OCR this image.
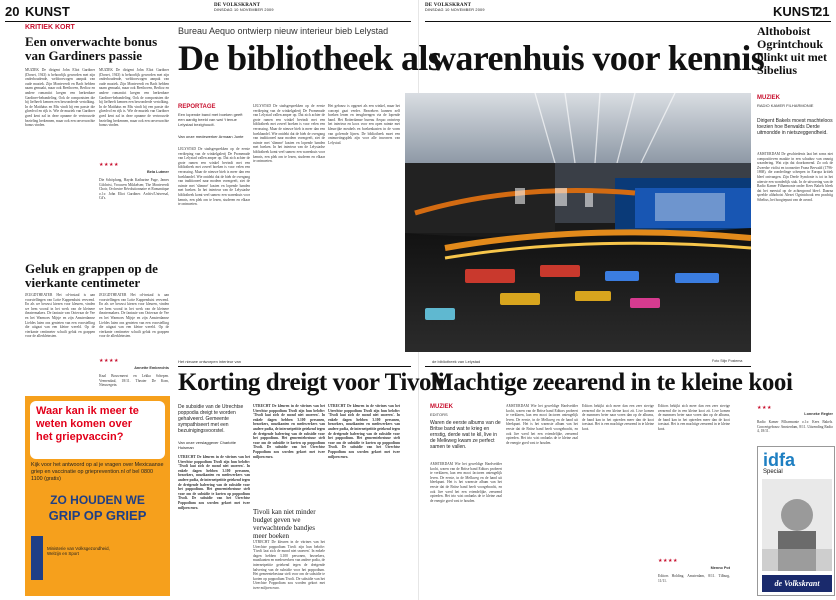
20 KUNST	DE VOLKSKRANT
DINSDAG 10 NOVEMBER 2009
DE VOLKSKRANT
DINSDAG 10 NOVEMBER 2009	KUNST
21
KRITIEK KORT
Een onverwachte bonus van Gardiners passie
MUZIEK De dirigent John Eliot Gardiner (Dorset, 1943) is behoorlijk geworden met zijn onderhoudende, weldoorwogen aanpak van oude muziek. Zijn Monteverdi en Bach hebben naam gemaakt, maar ook Beethoven, Berlioz en andere romantici kregen een herkenbare Gardiner-behandeling. Ook de componisten die hij liefheeft kennen een bewonderde vertolking. In de Matthäus en Mis vindt hij een passie die gloedvol en rijk is. Wie de muziek van Gardiner goed kent zal in deze opname de vertrouwde bezieling herkennen, maar ook een onverwachte bonus vinden.
MUZIEK De dirigent John Eliot Gardiner (Dorset, 1943) is behoorlijk geworden met zijn onderhoudende, weldoorwogen aanpak van oude muziek. Zijn Monteverdi en Bach hebben naam gemaakt, maar ook Beethoven, Berlioz en andere romantici kregen een herkenbare Gardiner-behandeling. Ook de componisten die hij liefheeft kennen een bewonderde vertolking. In de Matthäus en Mis vindt hij een passie die gloedvol en rijk is. Wie de muziek van Gardiner goed kent zal in deze opname de vertrouwde bezieling herkennen, maar ook een onverwachte bonus vinden.
★★★★
Bela Lutmer
Die Schöpfung, Haydn Katharine Fuge, James Gilchrist, Vrouwen Mikkelsen; The Monteverdi Choir, Orchestre Révolutionnaire et Romantique o.l.v. John Eliot Gardiner. Archiv/Universal, Cd's.
Geluk en grappen op de vierkante centimeter
JEUGDTHEATER Het cd-instaal is aan voorstellingen van Lotte Kappenduist verwend. En als we bewust kiezen voor kleuren, vinden we hem vooral in het werk van de kleinere theatermakers. De fantasie van Ooievaar de Vee en het Warmoes Mijsje en zijn Amsterdamse Liefdes laten ons genieten van een voorstelling die uitgaat van een kleine wereld. Op de vierkante centimeter schuilt geluk en grappen voor de allerkleinsten.
JEUGDTHEATER Het cd-instaal is aan voorstellingen van Lotte Kappenduist verwend. En als we bewust kiezen voor kleuren, vinden we hem vooral in het werk van de kleinere theatermakers. De fantasie van Ooievaar de Vee en het Warmoes Mijsje en zijn Amsterdamse Liefdes laten ons genieten van een voorstelling die uitgaat van een kleine wereld. Op de vierkante centimeter schuilt geluk en grappen voor de allerkleinsten.
★★★★
Annette Embrechts
Knal Bouwmeest en Lekka Schepen. Veenendaal, 18/11. Theater De Kom, Nieuwegein.
Waar kan ik meer te
weten komen over
het griepvaccin?
Kijk voor het antwoord op al je vragen over Mexicaanse griep en vaccinatie op grieprevention.nl of bel 0800 1100 (gratis)
ZO HOUDEN WE
GRIP OP GRIEP
Ministerie van Volksgezondheid, Welzijn en Sport
Bureau Aequo ontwierp nieuw interieur bieb Lelystad
De bibliotheek als
warenhuis voor kennis
REPORTAGE
Een lopende band met boeken geeft een aardig beeld van wat 't tenue Lelystad bezighoudt.
Van onze medewerker Armaan Junte
LELYSTAD De stadsgesprekken op de eerste verdieping van de winkelgalerij De Promenade van Lelystad vallen amper op. Dat zich achter de grote ramen een winkel bevindt met een bibliotheek met zoveel boeken is voor velen een verrassing. Maar de nieuwe bieb is meer dan een boekhandel. Wie ontdekt dat de bieb de overgang van traditioneel naar modern vormgeeft, ziet de ruimte met 'slimme' kasten en lopende banden met boeken. In het interieur van de Lelystadse bibliotheek komt veel samen: een warenhuis voor kennis, een plek om te lezen, studeren en elkaar te ontmoeten.
LELYSTAD De stadsgesprekken op de eerste verdieping van de winkelgalerij De Promenade van Lelystad vallen amper op. Dat zich achter de grote ramen een winkel bevindt met een bibliotheek met zoveel boeken is voor velen een verrassing. Maar de nieuwe bieb is meer dan een boekhandel. Wie ontdekt dat de bieb de overgang van traditioneel naar modern vormgeeft, ziet de ruimte met 'slimme' kasten en lopende banden met boeken. In het interieur van de Lelystadse bibliotheek komt veel samen: een warenhuis voor kennis, een plek om te lezen, studeren en elkaar te ontmoeten.
Het gebouw is opgezet als een winkel, maar het concept gaat verder. Bezoekers kunnen zelf boeken lenen en terugbrengen via de lopende band. Het Rotterdamse bureau Aequo ontwierp het interieur en koos voor een open ruimte met kleurrijke meubels en boekenkasten in de vorm van golvende lijnen. De bibliotheek moet een ontmoetingsplek zijn voor alle inwoners van Lelystad.
Het nieuwe ontworpen interieur van	de bibliotheek van Lelystad	Foto Stijn Postema
Korting dreigt voor Tivoli
De subsidie van de Utrechtse poppodia dreigt te worden gehalveerd. Gemeente sympathiseert met een bezuinigingsvoorstel.
Van onze verslaggever Charlotte Huisman
UTRECHT De kleuren in de vitrines van het Utrechtse poppodium Tivoli zijn hun belofte: 'Tivoli laat zich de mond niet snoeren'. In enkele dagen hebben 3.100 personen, bezoekers, muzikanten en medewerkers van andere podia, de internetpetitie getekend tegen de dreigende halvering van de subsidie voor het poppodium. Het gemeentebestuur stelt voor om de subsidie te korten op poppodium Tivoli. De subsidie van het Utrechtse Poppodium zou worden gekort met twee miljoen euro.
UTRECHT De kleuren in de vitrines van het Utrechtse poppodium Tivoli zijn hun belofte: 'Tivoli laat zich de mond niet snoeren'. In enkele dagen hebben 3.100 personen, bezoekers, muzikanten en medewerkers van andere podia, de internetpetitie getekend tegen de dreigende halvering van de subsidie voor het poppodium. Het gemeentebestuur stelt voor om de subsidie te korten op poppodium Tivoli. De subsidie van het Utrechtse Poppodium zou worden gekort met twee miljoen euro.
Tivoli kan niet minder budget geven we verwachtende bandjes meer boeken
UTRECHT De kleuren in de vitrines van het Utrechtse poppodium Tivoli zijn hun belofte: 'Tivoli laat zich de mond niet snoeren'. In enkele dagen hebben 3.100 personen, bezoekers, muzikanten en medewerkers van andere podia, de internetpetitie getekend tegen de dreigende halvering van de subsidie voor het poppodium. Het gemeentebestuur stelt voor om de subsidie te korten op poppodium Tivoli. De subsidie van het Utrechtse Poppodium zou worden gekort met twee miljoen euro.
UTRECHT De kleuren in de vitrines van het Utrechtse poppodium Tivoli zijn hun belofte: 'Tivoli laat zich de mond niet snoeren'. In enkele dagen hebben 3.100 personen, bezoekers, muzikanten en medewerkers van andere podia, de internetpetitie getekend tegen de dreigende halvering van de subsidie voor het poppodium. Het gemeentebestuur stelt voor om de subsidie te korten op poppodium Tivoli. De subsidie van het Utrechtse Poppodium zou worden gekort met twee miljoen euro.
Machtige zeearend in te kleine kooi
MUZIEK
EDITORS
Waren de eerste albums van de Britse band wat te krieg en ernstig, derde wat te kil, live in de Melkweg kwam ze perfect samen te vallen.
AMSTERDAM Wie het geweldige Hardvedder kocht, waren van de Britse band Editors probeert te verklaren, kan een mooi factoren ontengelijk leven. De eerste, in de Melkweg en de hand uit bleekpunt. Het is het warmste album van het eerste dat de Britse band heeft voorgebracht, en ook live werd het een vriendelijke, zeearend optreden. Het trio wist ondanks de te kleine zaal de energie goed vast te houden.
AMSTERDAM Wie het geweldige Hardvedder kocht, waren van de Britse band Editors probeert te verklaren, kan een mooi factoren ontengelijk leven. De eerste, in de Melkweg en de hand uit bleekpunt. Het is het warmste album van het eerste dat de Britse band heeft voorgebracht, en ook live werd het een vriendelijke, zeearend optreden. Het trio wist ondanks de te kleine zaal de energie goed vast te houden.
Editors bekijkt zich meer dan een zeer stevige zeearend die in een kleine kooi zit. Live komen de nummers beter naar voren dan op de albums, de band kan in het optreden meer dan de kooi toestaat. Het is een machtige zeearend in te kleine kooi.
Editors bekijkt zich meer dan een zeer stevige zeearend die in een kleine kooi zit. Live komen de nummers beter naar voren dan op de albums, de band kan in het optreden meer dan de kooi toestaat. Het is een machtige zeearend in te kleine kooi.
★★★★
Menno Pot
Editors Holding. Amsterdam, 8/11. Tilburg, 11/11.
Althoboist Ogrintchouk blinkt uit met Sibelius
MUZIEK
RADIO KAMER FILHARMONIE
Dirigent Bakels moest machteloos toezien hoe Berwalds Derde uitmondde in nietszeggendheid.
AMSTERDAM De geschiedenis laat het soms niet compositieven maakte in een schaduw van onnoig waardering. Wat zijn dat doorkomend. Zo ook de Zweedse violist en toonzetter Franz Berwald (1796-1868), die zonderlinge scherpen in Europa kritiek bleef ontvangen. Zijn Derde Symfonie is tot in het uiterste een wonderlijk stuk. In de uitvoering van de Radio Kamer Filharmonie onder Kees Bakels bleek dat het meestal op de achtergrond bleef. Daarna speelde althoboist Alexei Ogrintchouk een prachtig Sibelius, het hoogtepunt van de avond.
★★★
Lonneke Regter
Radio Kamer Filharmonie o.l.v. Kees Bakels. Concertgebouw Amsterdam, 8/11. Uitzending Radio 4, 18/11.
idfa
Special
de Volkskrant
